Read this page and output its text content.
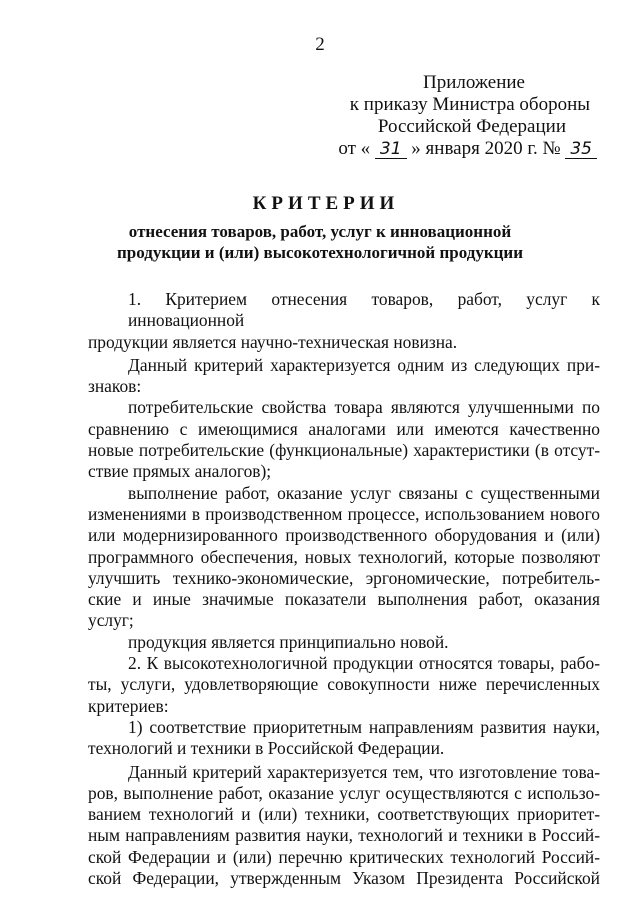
2
Приложение
к приказу Министра обороны
Российской Федерации
от « 31 » января 2020 г. № 35
КРИТЕРИИ
отнесения товаров, работ, услуг к инновационной
продукции и (или) высокотехнологичной продукции
1. Критерием отнесения товаров, работ, услуг к инновационной
продукции является научно-техническая новизна.
Данный критерий характеризуется одним из следующих при-
знаков:
потребительские свойства товара являются улучшенными по
сравнению с имеющимися аналогами или имеются качественно
новые потребительские (функциональные) характеристики (в отсут-
ствие прямых аналогов);
выполнение работ, оказание услуг связаны с существенными
изменениями в производственном процессе, использованием нового
или модернизированного производственного оборудования и (или)
программного обеспечения, новых технологий, которые позволяют
улучшить технико-экономические, эргономические, потребитель-
ские и иные значимые показатели выполнения работ, оказания
услуг;
продукция является принципиально новой.
2. К высокотехнологичной продукции относятся товары, рабо-
ты, услуги, удовлетворяющие совокупности ниже перечисленных
критериев:
1) соответствие приоритетным направлениям развития науки,
технологий и техники в Российской Федерации.
Данный критерий характеризуется тем, что изготовление това-
ров, выполнение работ, оказание услуг осуществляются с использо-
ванием технологий и (или) техники, соответствующих приоритет-
ным направлениям развития науки, технологий и техники в Россий-
ской Федерации и (или) перечню критических технологий Россий-
ской Федерации, утвержденным Указом Президента Российской
